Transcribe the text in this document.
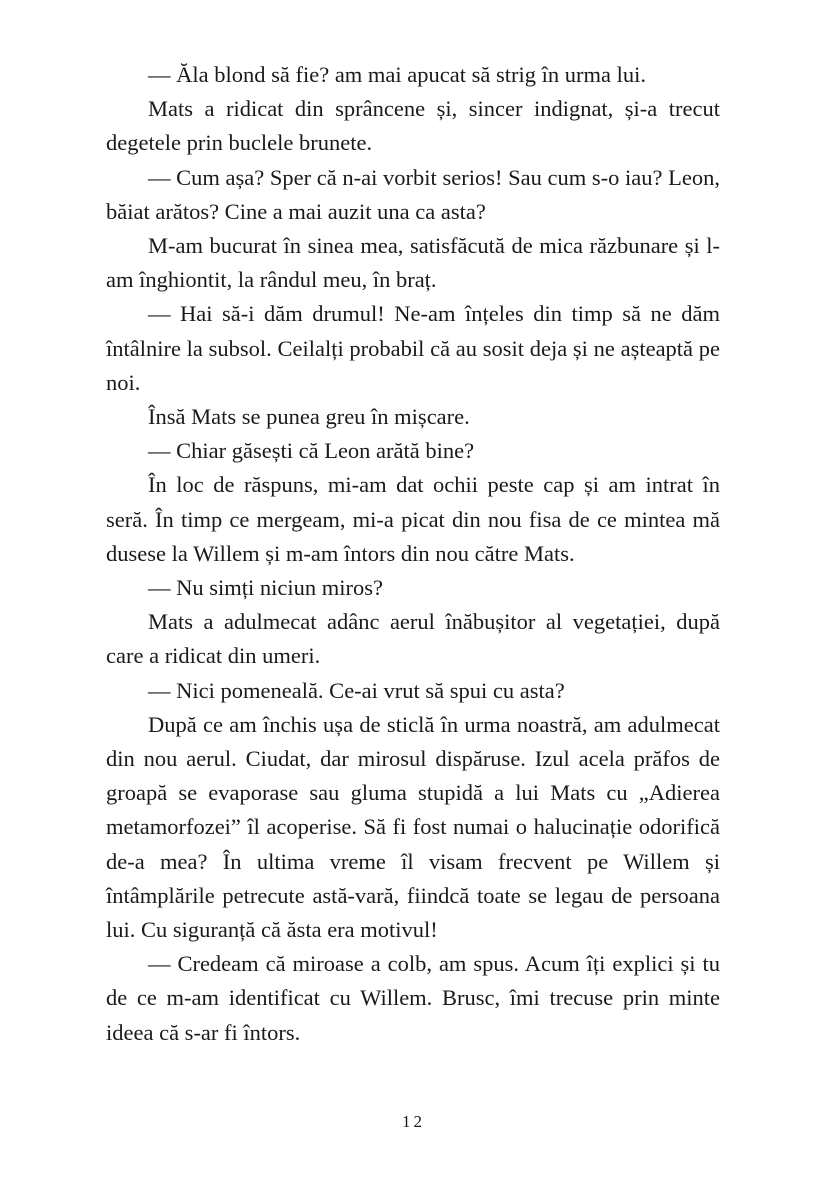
— Ăla blond să fie? am mai apucat să strig în urma lui.

Mats a ridicat din sprâncene și, sincer indignat, și-a trecut degetele prin buclele brunete.

— Cum așa? Sper că n-ai vorbit serios! Sau cum s-o iau? Leon, băiat arătos? Cine a mai auzit una ca asta?

M-am bucurat în sinea mea, satisfăcută de mica răzbunare și l-am înghiontit, la rândul meu, în braț.

— Hai să-i dăm drumul! Ne-am înțeles din timp să ne dăm întâlnire la subsol. Ceilalți probabil că au sosit deja și ne așteaptă pe noi.

Însă Mats se punea greu în mișcare.

— Chiar găsești că Leon arătă bine?

În loc de răspuns, mi-am dat ochii peste cap și am intrat în seră. În timp ce mergeam, mi-a picat din nou fisa de ce mintea mă dusese la Willem și m-am întors din nou către Mats.

— Nu simți niciun miros?

Mats a adulmecat adânc aerul înăbușitor al vegetației, după care a ridicat din umeri.

— Nici pomeneală. Ce-ai vrut să spui cu asta?

După ce am închis ușa de sticlă în urma noastră, am adulmecat din nou aerul. Ciudat, dar mirosul dispăruse. Izul acela prăfos de groapă se evaporase sau gluma stupidă a lui Mats cu „Adierea metamorfozei” îl acoperise. Să fi fost numai o halucinație odorifică de-a mea? În ultima vreme îl visam frecvent pe Willem și întâmplările petrecute astă-vară, fiindcă toate se legau de persoana lui. Cu siguranță că ăsta era motivul!

— Credeam că miroase a colb, am spus. Acum îți explici și tu de ce m-am identificat cu Willem. Brusc, îmi trecuse prin minte ideea că s-ar fi întors.

12
